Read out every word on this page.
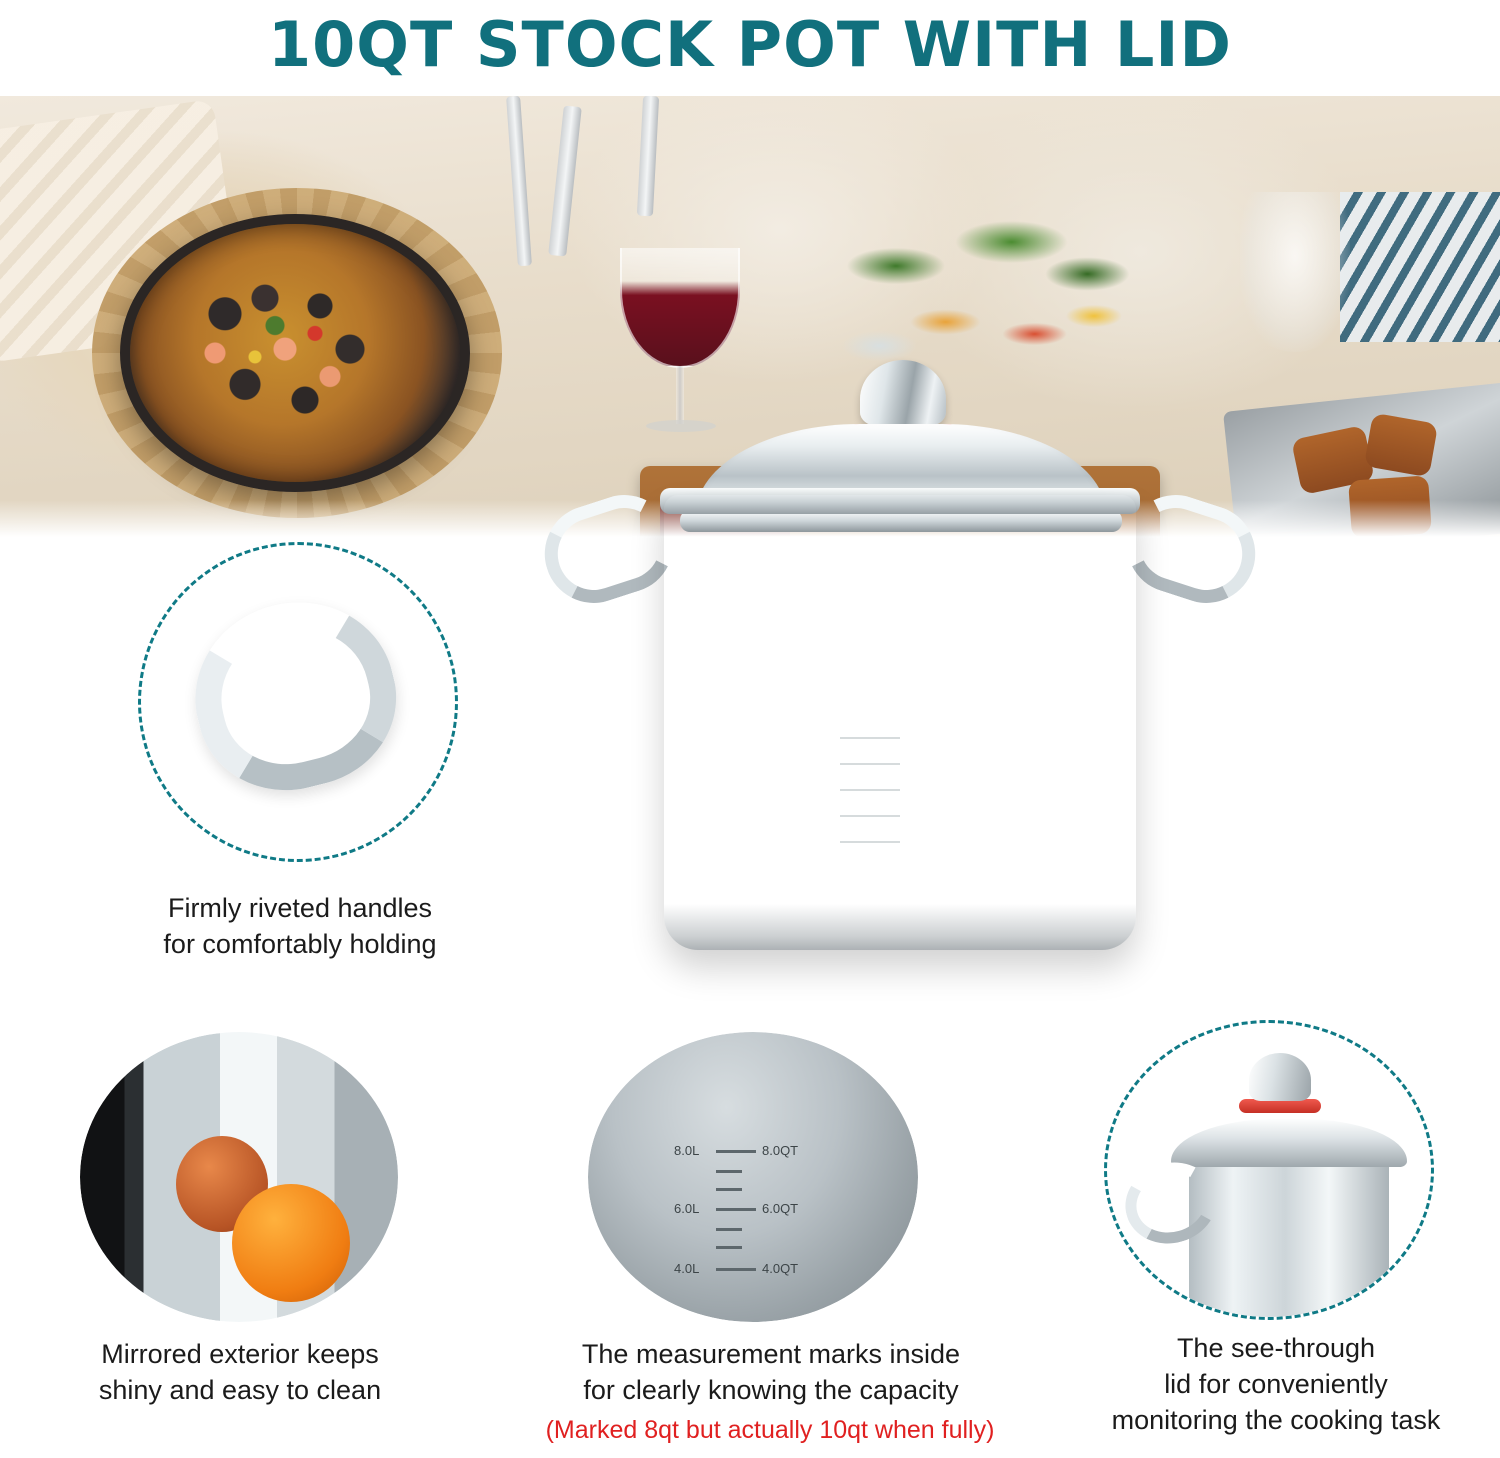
10QT STOCK POT WITH LID
Firmly riveted handles
for comfortably holding
Mirrored exterior keeps
shiny and easy to clean
8.0L	8.0QT
6.0L	6.0QT
4.0L	4.0QT
The measurement marks inside
for clearly knowing the capacity
(Marked 8qt but actually 10qt when fully)
The see-through
lid for conveniently
monitoring the cooking task
